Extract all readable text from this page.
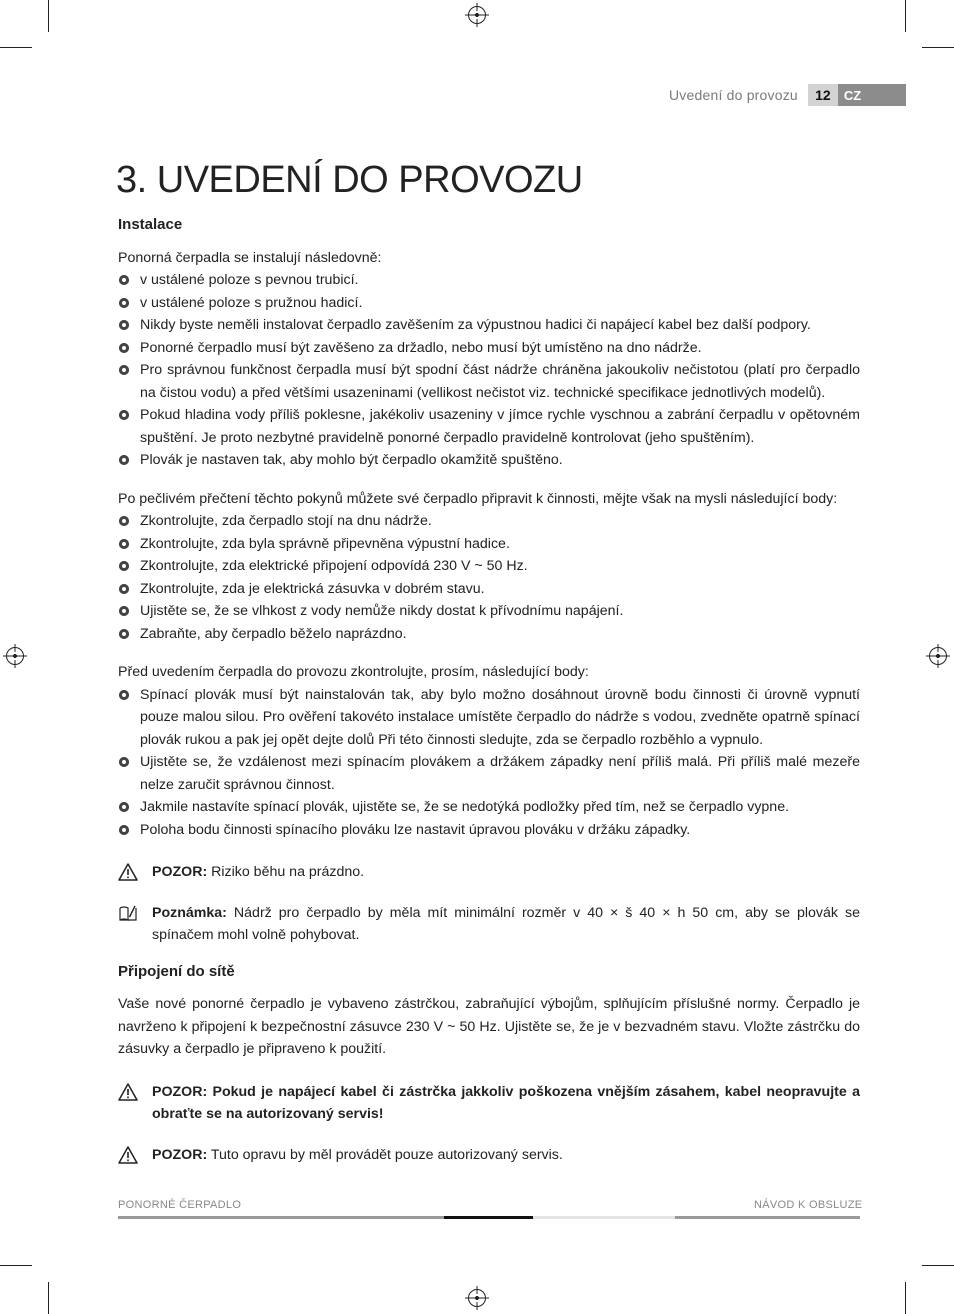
Uvedení do provozu	12	CZ
3. UVEDENÍ DO PROVOZU
Instalace

Ponorná čerpadla se instalují následovně:

v ustálené poloze s pevnou trubicí.
v ustálené poloze s pružnou hadicí.
Nikdy byste neměli instalovat čerpadlo zavěšením za výpustnou hadici či napájecí kabel bez další podpory.
Ponorné čerpadlo musí být zavěšeno za držadlo, nebo musí být umístěno na dno nádrže.
Pro správnou funkčnost čerpadla musí být spodní část nádrže chráněna jakoukoliv nečistotou (platí pro čerpadlo na čistou vodu) a před většími usazeninami (vellikost nečistot viz. technické specifikace jednotlivých modelů).
Pokud hladina vody příliš poklesne, jakékoliv usazeniny v jímce rychle vyschnou a zabrání čerpadlu v opětovném spuštění. Je proto nezbytné pravidelně ponorné čerpadlo pravidelně kontrolovat (jeho spuštěním).
Plovák je nastaven tak, aby mohlo být čerpadlo okamžitě spuštěno.

Po pečlivém přečtení těchto pokynů můžete své čerpadlo připravit k činnosti, mějte však na mysli následující body:

Zkontrolujte, zda čerpadlo stojí na dnu nádrže.
Zkontrolujte, zda byla správně připevněna výpustní hadice.
Zkontrolujte, zda elektrické připojení odpovídá 230 V ~ 50 Hz.
Zkontrolujte, zda je elektrická zásuvka v dobrém stavu.
Ujistěte se, že se vlhkost z vody nemůže nikdy dostat k přívodnímu napájení.
Zabraňte, aby čerpadlo běželo naprázdno.

Před uvedením čerpadla do provozu zkontrolujte, prosím, následující body:

Spínací plovák musí být nainstalován tak, aby bylo možno dosáhnout úrovně bodu činnosti či úrovně vypnutí pouze malou silou. Pro ověření takovéto instalace umístěte čerpadlo do nádrže s vodou, zvedněte opatrně spínací plovák rukou a pak jej opět dejte dolů Při této činnosti sledujte, zda se čerpadlo rozběhlo a vypnulo.
Ujistěte se, že vzdálenost mezi spínacím plovákem a držákem západky není příliš malá. Při příliš malé mezeře nelze zaručit správnou činnost.
Jakmile nastavíte spínací plovák, ujistěte se, že se nedotýká podložky před tím, než se čerpadlo vypne.
Poloha bodu činnosti spínacího plováku lze nastavit úpravou plováku v držáku západky.
POZOR: Riziko běhu na prázdno.
Poznámka: Nádrž pro čerpadlo by měla mít minimální rozměr v 40 × š 40 × h 50 cm, aby se plovák se spínačem mohl volně pohybovat.
Připojení do sítě

Vaše nové ponorné čerpadlo je vybaveno zástrčkou, zabraňující výbojům, splňujícím příslušné normy. Čerpadlo je navrženo k připojení k bezpečnostní zásuvce 230 V ~ 50 Hz. Ujistěte se, že je v bezvadném stavu. Vložte zástrčku do zásuvky a čerpadlo je připraveno k použití.

POZOR: Pokud je napájecí kabel či zástrčka jakkoliv poškozena vnějším zásahem, kabel neopravujte a obraťte se na autorizovaný servis!
POZOR: Tuto opravu by měl provádět pouze autorizovaný servis.
PONORNÉ ČERPADLO	NÁVOD K OBSLUZE
